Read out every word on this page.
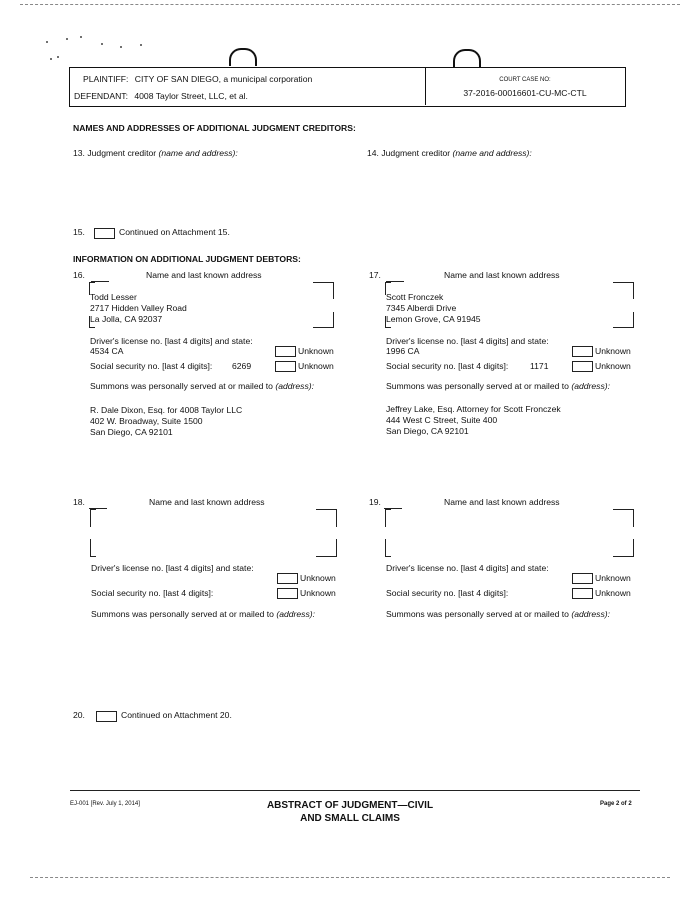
PLAINTIFF: CITY OF SAN DIEGO, a municipal corporation
DEFENDANT: 4008 Taylor Street, LLC, et al.
COURT CASE NO:
37-2016-00016601-CU-MC-CTL
NAMES AND ADDRESSES OF ADDITIONAL JUDGMENT CREDITORS:
13. Judgment creditor (name and address):	14. Judgment creditor (name and address):
15.	Continued on Attachment 15.
INFORMATION ON ADDITIONAL JUDGMENT DEBTORS:
16.	Name and last known address
Todd Lesser
2717 Hidden Valley Road
La Jolla, CA 92037
Driver's license no. [last 4 digits] and state:
4534 CA	Unknown
Social security no. [last 4 digits]: 6269	Unknown
Summons was personally served at or mailed to (address):
R. Dale Dixon, Esq. for 4008 Taylor LLC
402 W. Broadway, Suite 1500
San Diego, CA 92101
17.	Name and last known address
Scott Fronczek
7345 Alberdi Drive
Lemon Grove, CA 91945
Driver's license no. [last 4 digits] and state:
1996 CA	Unknown
Social security no. [last 4 digits]:	1171	Unknown
Summons was personally served at or mailed to (address):
Jeffrey Lake, Esq. Attorney for Scott Fronczek
444 West C Street, Suite 400
San Diego, CA 92101
18.	Name and last known address
Driver's license no. [last 4 digits] and state:
Unknown
Social security no. [last 4 digits]:	Unknown
Summons was personally served at or mailed to (address):
19.	Name and last known address
Driver's license no. [last 4 digits] and state:
Unknown
Social security no. [last 4 digits]:	Unknown
Summons was personally served at or mailed to (address):
20.	Continued on Attachment 20.
EJ-001 [Rev. July 1, 2014]	ABSTRACT OF JUDGMENT—CIVIL
AND SMALL CLAIMS
Page 2 of 2
